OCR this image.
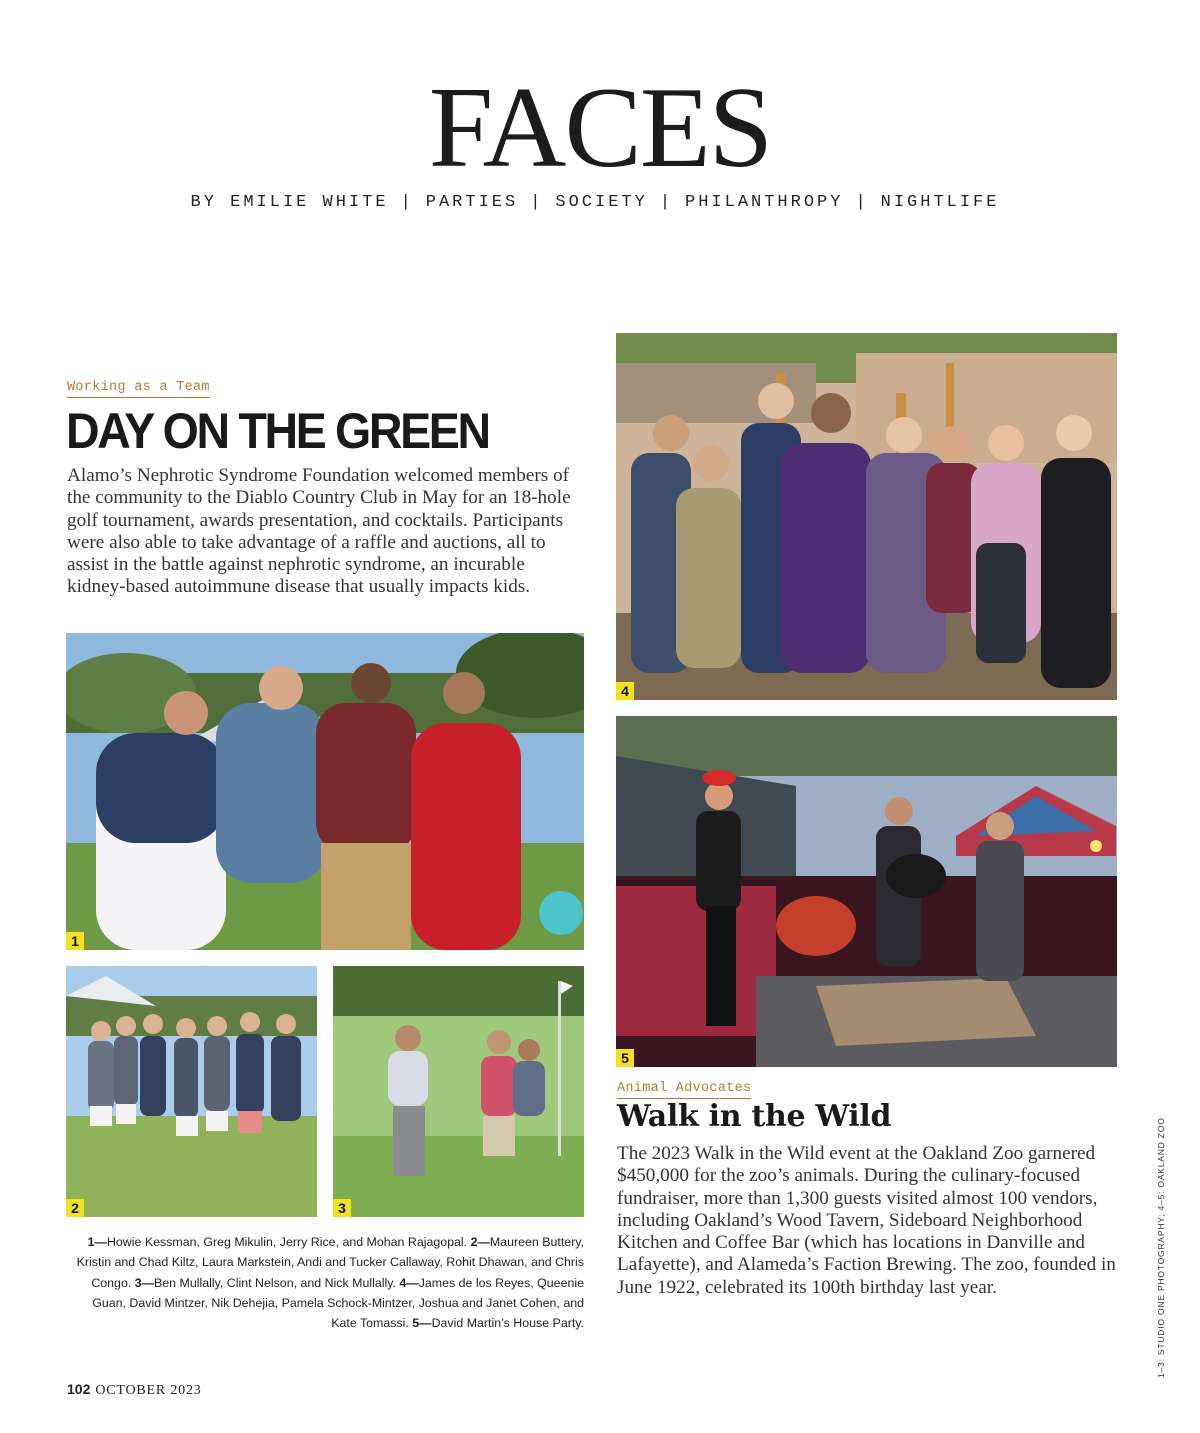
FACES
BY EMILIE WHITE | PARTIES | SOCIETY | PHILANTHROPY | NIGHTLIFE
Working as a Team
DAY ON THE GREEN
Alamo’s Nephrotic Syndrome Foundation welcomed members of the community to the Diablo Country Club in May for an 18-hole golf tournament, awards presentation, and cocktails. Participants were also able to take advantage of a raffle and auctions, all to assist in the battle against nephrotic syndrome, an incurable kidney-based autoimmune disease that usually impacts kids.
1
2	3
4
5
1—Howie Kessman, Greg Mikulin, Jerry Rice, and Mohan Rajagopal. 2—Maureen Buttery, Kristin and Chad Kiltz, Laura Markstein, Andi and Tucker Callaway, Rohit Dhawan, and Chris Congo. 3—Ben Mullally, Clint Nelson, and Nick Mullally. 4—James de los Reyes, Queenie Guan, David Mintzer, Nik Dehejia, Pamela Schock-Mintzer, Joshua and Janet Cohen, and Kate Tomassi. 5—David Martin’s House Party.
Animal Advocates
Walk in the Wild
The 2023 Walk in the Wild event at the Oakland Zoo garnered $450,000 for the zoo’s animals. During the culinary-focused fundraiser, more than 1,300 guests visited almost 100 vendors, including Oakland’s Wood Tavern, Sideboard Neighborhood Kitchen and Coffee Bar (which has locations in Danville and Lafayette), and Alameda’s Faction Brewing. The zoo, founded in June 1922, celebrated its 100th birthday last year.	1–3: STUDIO ONE PHOTOGRAPHY; 4–5: OAKLAND ZOO
102 OCTOBER 2023
